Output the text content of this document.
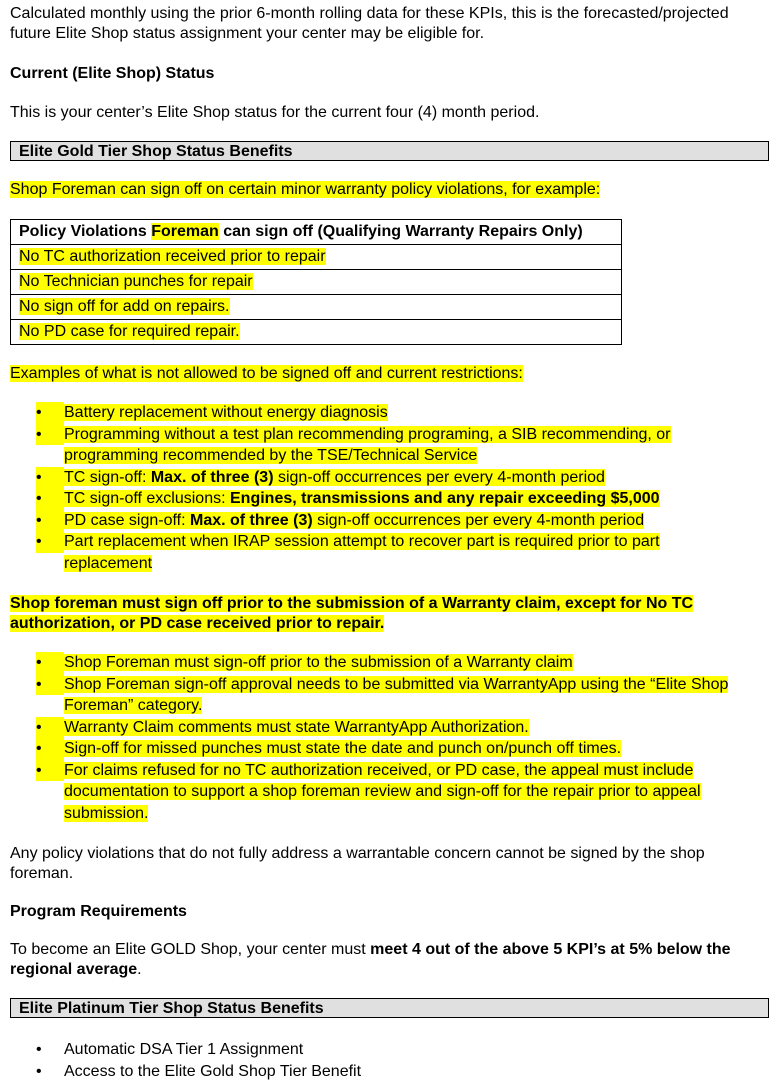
Calculated monthly using the prior 6-month rolling data for these KPIs, this is the forecasted/projected future Elite Shop status assignment your center may be eligible for.
Current (Elite Shop) Status
This is your center’s Elite Shop status for the current four (4) month period.
Elite Gold Tier Shop Status Benefits
Shop Foreman can sign off on certain minor warranty policy violations, for example:
Policy Violations Foreman can sign off (Qualifying Warranty Repairs Only)
No TC authorization received prior to repair
No Technician punches for repair
No sign off for add on repairs.
No PD case for required repair.
Examples of what is not allowed to be signed off and current restrictions:
• Battery replacement without energy diagnosis
• Programming without a test plan recommending programing, a SIB recommending, or programming recommended by the TSE/Technical Service
• TC sign-off: Max. of three (3) sign-off occurrences per every 4-month period
• TC sign-off exclusions: Engines, transmissions and any repair exceeding $5,000
• PD case sign-off: Max. of three (3) sign-off occurrences per every 4-month period
• Part replacement when IRAP session attempt to recover part is required prior to part replacement
Shop foreman must sign off prior to the submission of a Warranty claim, except for No TC authorization, or PD case received prior to repair.
• Shop Foreman must sign-off prior to the submission of a Warranty claim
• Shop Foreman sign-off approval needs to be submitted via WarrantyApp using the “Elite Shop Foreman” category.
• Warranty Claim comments must state WarrantyApp Authorization.
• Sign-off for missed punches must state the date and punch on/punch off times.
• For claims refused for no TC authorization received, or PD case, the appeal must include documentation to support a shop foreman review and sign-off for the repair prior to appeal submission.
Any policy violations that do not fully address a warrantable concern cannot be signed by the shop foreman.
Program Requirements
To become an Elite GOLD Shop, your center must meet 4 out of the above 5 KPI’s at 5% below the regional average.
Elite Platinum Tier Shop Status Benefits
• Automatic DSA Tier 1 Assignment
• Access to the Elite Gold Shop Tier Benefit
